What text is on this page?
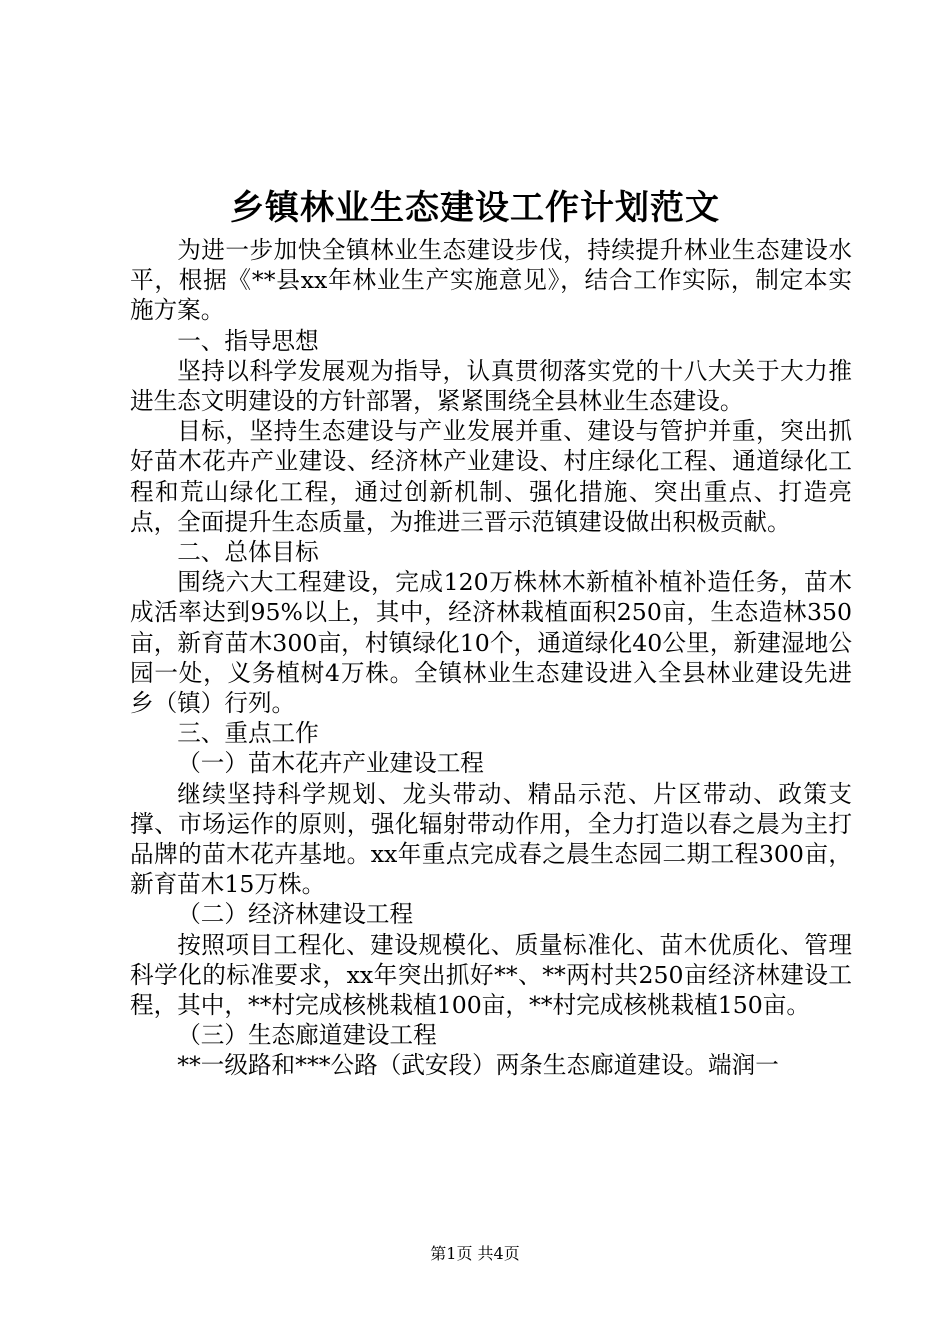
乡镇林业生态建设工作计划范文

为进一步加快全镇林业生态建设步伐，持续提升林业生态建设水平，根据《**县xx年林业生产实施意见》，结合工作实际，制定本实施方案。

一、指导思想

坚持以科学发展观为指导，认真贯彻落实党的十八大关于大力推进生态文明建设的方针部署，紧紧围绕全县林业生态建设。

目标，坚持生态建设与产业发展并重、建设与管护并重，突出抓好苗木花卉产业建设、经济林产业建设、村庄绿化工程、通道绿化工程和荒山绿化工程，通过创新机制、强化措施、突出重点、打造亮点，全面提升生态质量，为推进三晋示范镇建设做出积极贡献。

二、总体目标

围绕六大工程建设，完成120万株林木新植补植补造任务，苗木成活率达到95%以上，其中，经济林栽植面积250亩，生态造林350亩，新育苗木300亩，村镇绿化10个，通道绿化40公里，新建湿地公园一处，义务植树4万株。全镇林业生态建设进入全县林业建设先进乡（镇）行列。

三、重点工作

（一）苗木花卉产业建设工程

继续坚持科学规划、龙头带动、精品示范、片区带动、政策支撑、市场运作的原则，强化辐射带动作用，全力打造以春之晨为主打品牌的苗木花卉基地。xx年重点完成春之晨生态园二期工程300亩，新育苗木15万株。

（二）经济林建设工程

按照项目工程化、建设规模化、质量标准化、苗木优质化、管理科学化的标准要求，xx年突出抓好**、**两村共250亩经济林建设工程，其中，**村完成核桃栽植100亩，**村完成核桃栽植150亩。

（三）生态廊道建设工程

**一级路和***公路（武安段）两条生态廊道建设。端润一

第1页 共4页
